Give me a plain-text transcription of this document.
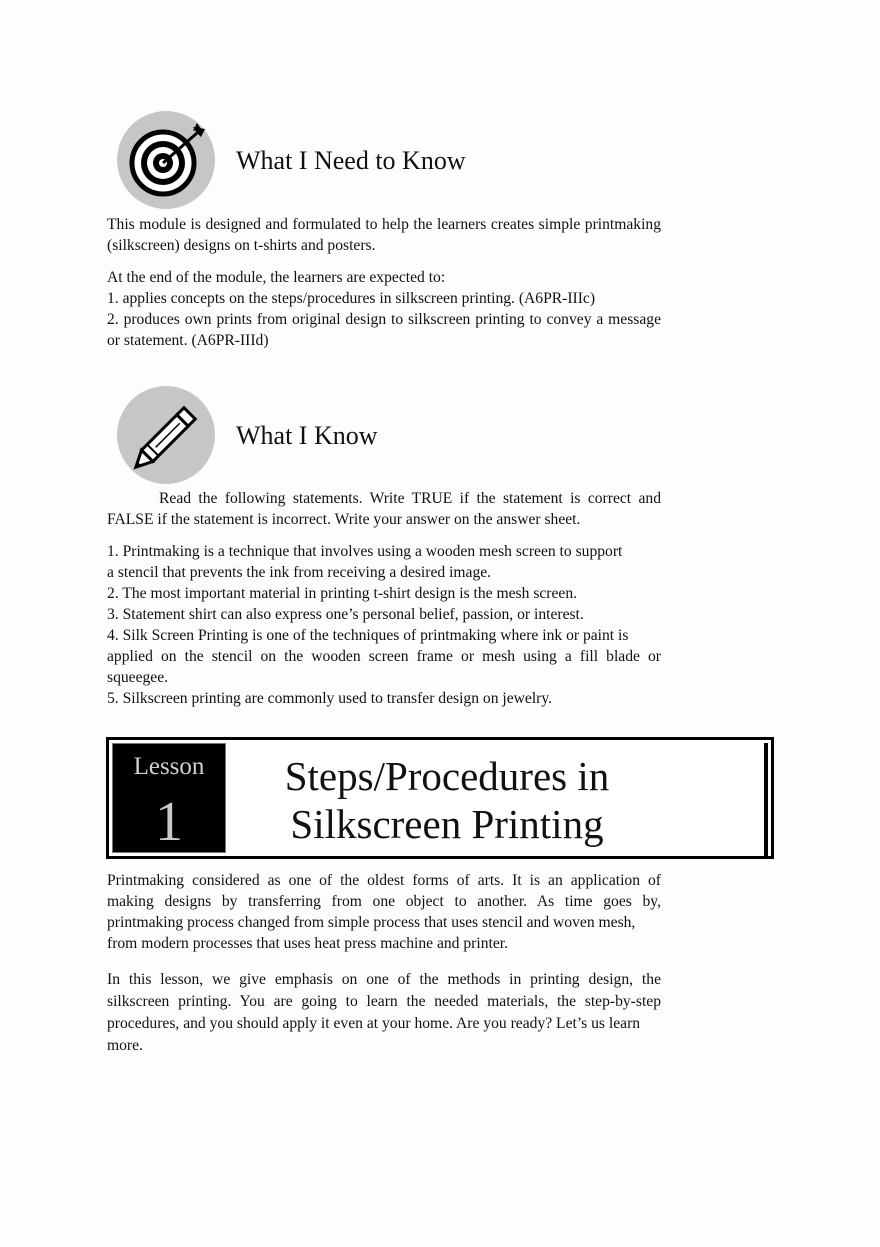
What I Need to Know

This module is designed and formulated to help the learners creates simple printmaking (silkscreen) designs on t-shirts and posters.

At the end of the module, the learners are expected to:
1. applies concepts on the steps/procedures in silkscreen printing. (A6PR-IIIc)

2. produces own prints from original design to silkscreen printing to convey a message or statement. (A6PR-IIId)

What I Know

Read the following statements. Write TRUE if the statement is correct and FALSE if the statement is incorrect. Write your answer on the answer sheet.

1. Printmaking is a technique that involves using a wooden mesh screen to support
a stencil that prevents the ink from receiving a desired image.
2. The most important material in printing t-shirt design is the mesh screen.
3. Statement shirt can also express one’s personal belief, passion, or interest.
4. Silk Screen Printing is one of the techniques of printmaking where ink or paint is
applied on the stencil on the wooden screen frame or mesh using a fill blade or
squeegee.
5. Silkscreen printing are commonly used to transfer design on jewelry.
Lesson
1
Steps/Procedures in
Silkscreen Printing
Printmaking considered as one of the oldest forms of arts. It is an application of
making designs by transferring from one object to another. As time goes by,
printmaking process changed from simple process that uses stencil and woven mesh,
from modern processes that uses heat press machine and printer.
In this lesson, we give emphasis on one of the methods in printing design, the
silkscreen printing. You are going to learn the needed materials, the step-by-step
procedures, and you should apply it even at your home. Are you ready? Let’s us learn
more.
